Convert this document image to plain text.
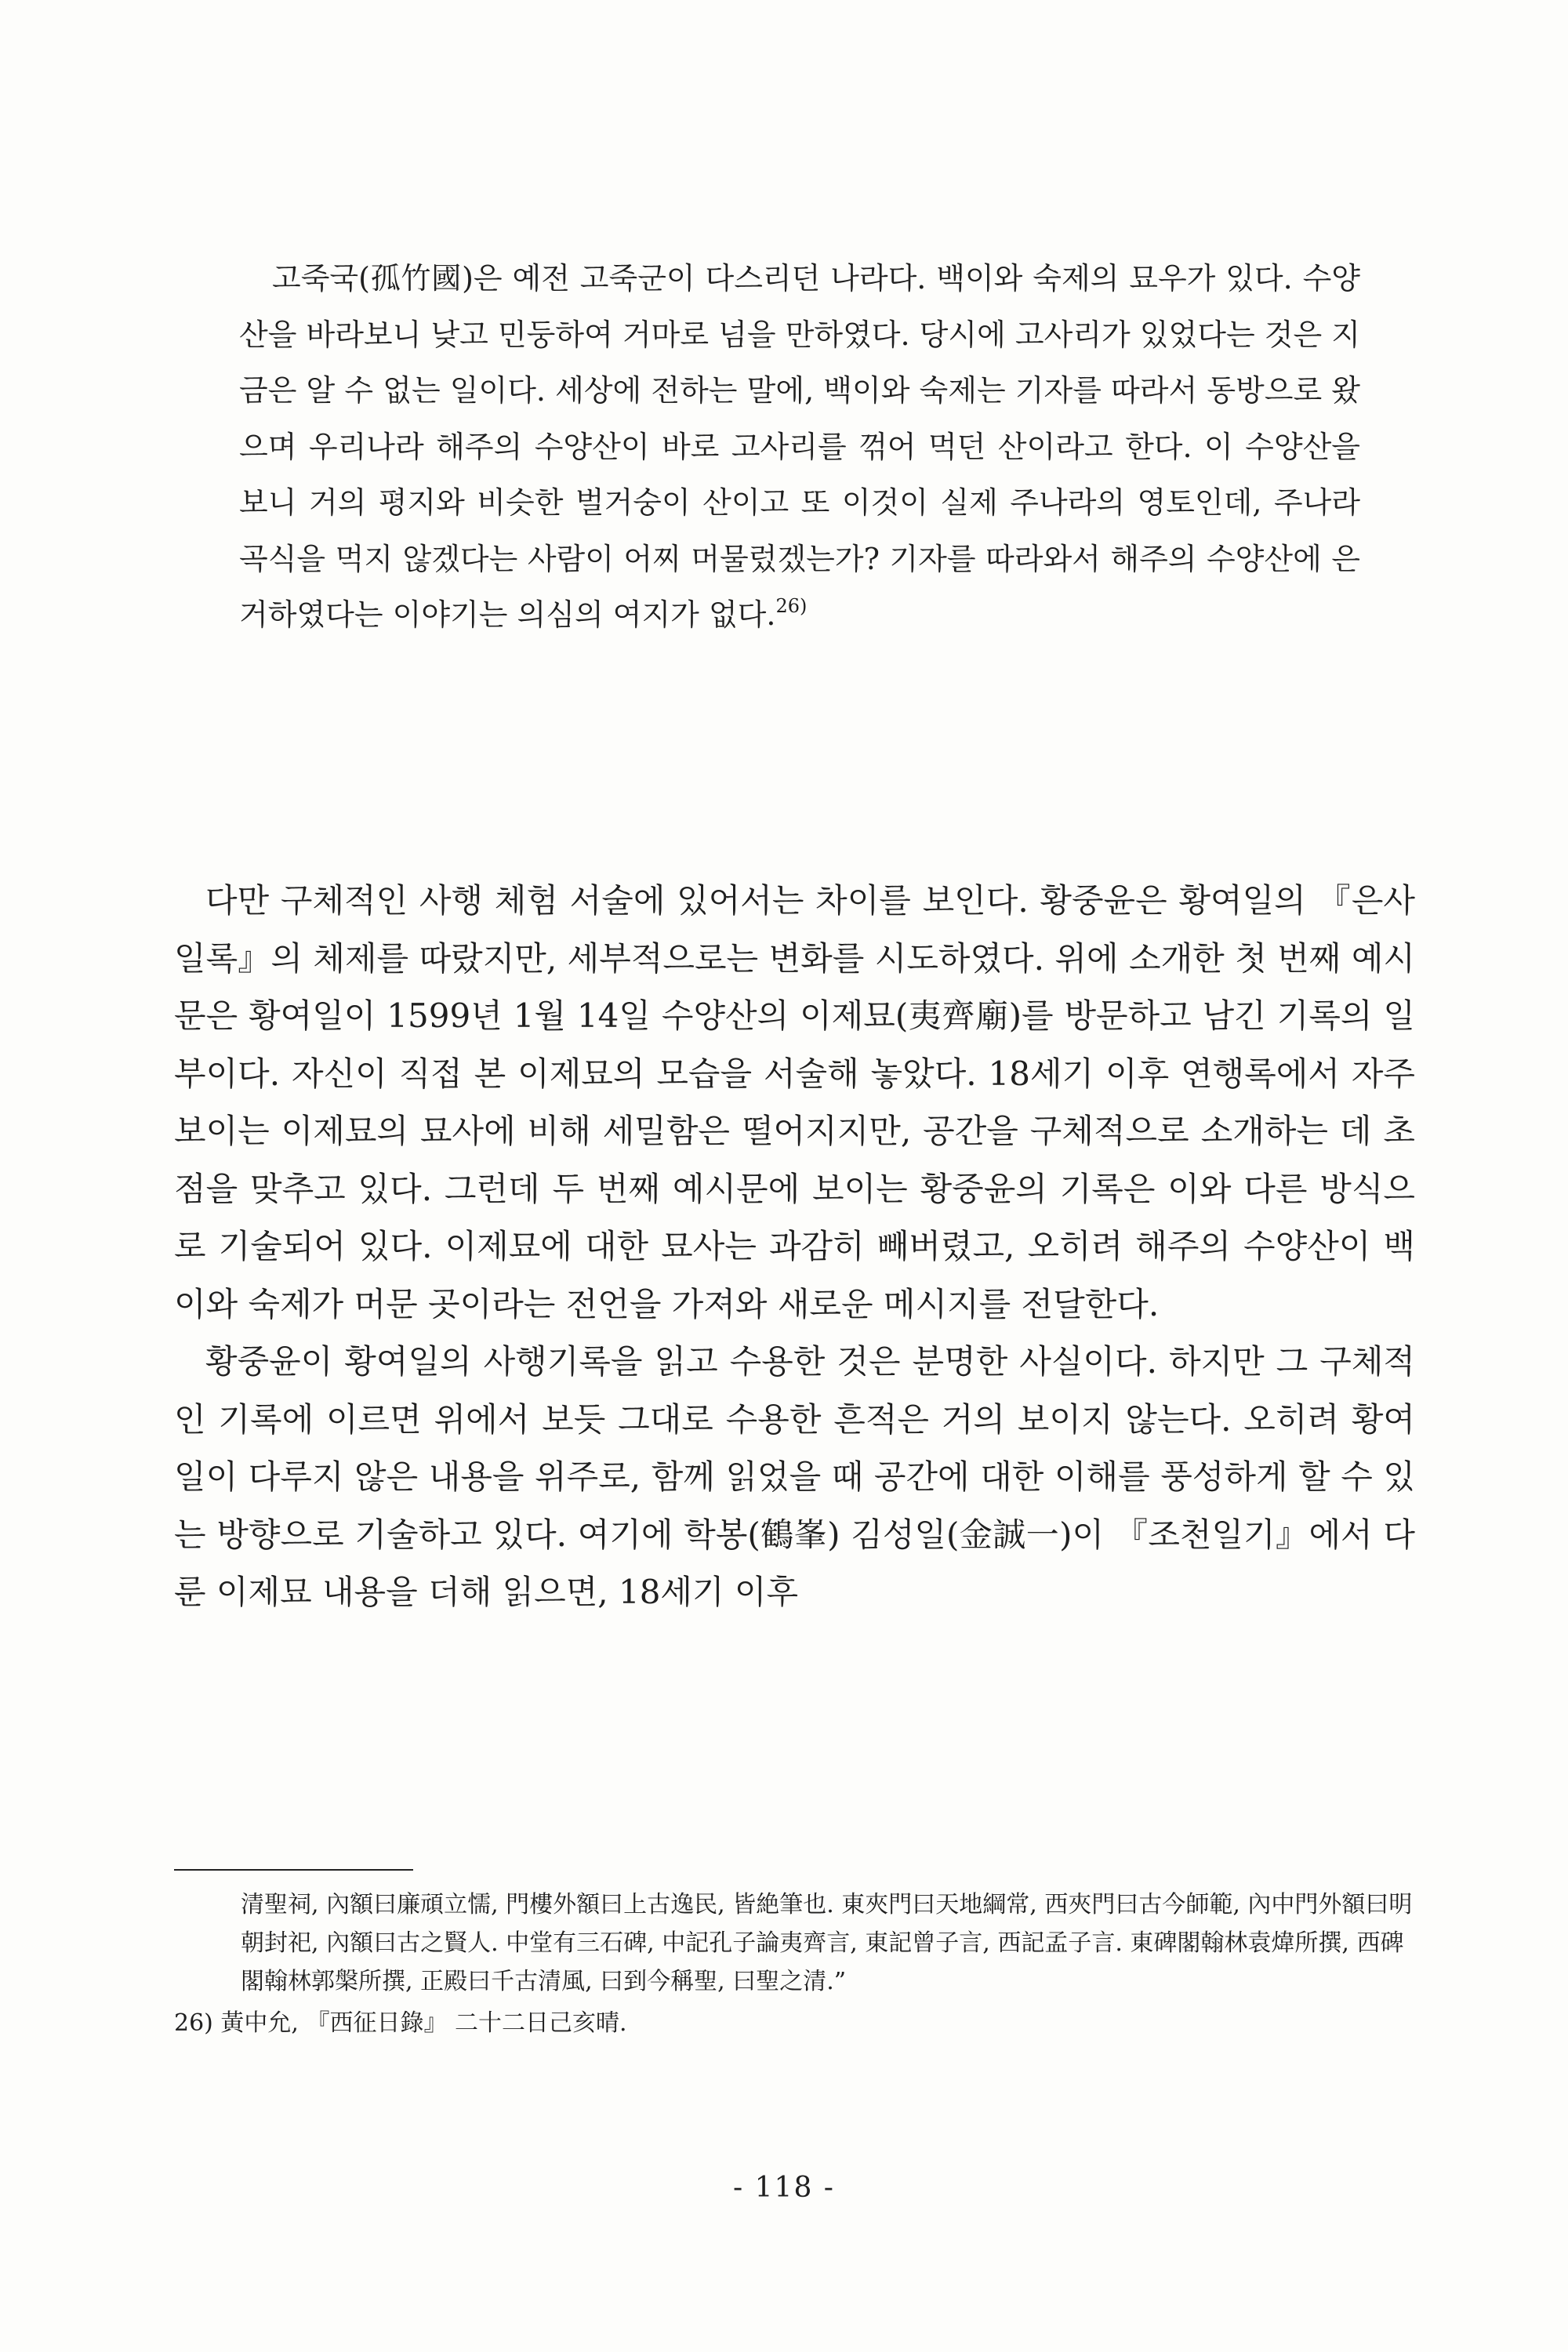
고죽국(孤竹國)은 예전 고죽군이 다스리던 나라다. 백이와 숙제의 묘우가 있다. 수양산을 바라보니 낮고 민둥하여 거마로 넘을 만하였다. 당시에 고사리가 있었다는 것은 지금은 알 수 없는 일이다. 세상에 전하는 말에, 백이와 숙제는 기자를 따라서 동방으로 왔으며 우리나라 해주의 수양산이 바로 고사리를 꺾어 먹던 산이라고 한다. 이 수양산을 보니 거의 평지와 비슷한 벌거숭이 산이고 또 이것이 실제 주나라의 영토인데, 주나라 곡식을 먹지 않겠다는 사람이 어찌 머물렀겠는가? 기자를 따라와서 해주의 수양산에 은거하였다는 이야기는 의심의 여지가 없다.$^{26)}$

다만 구체적인 사행 체험 서술에 있어서는 차이를 보인다. 황중윤은 황여일의 『은사일록』의 체제를 따랐지만, 세부적으로는 변화를 시도하였다. 위에 소개한 첫 번째 예시문은 황여일이 1599년 1월 14일 수양산의 이제묘(夷齊廟)를 방문하고 남긴 기록의 일부이다. 자신이 직접 본 이제묘의 모습을 서술해 놓았다. 18세기 이후 연행록에서 자주 보이는 이제묘의 묘사에 비해 세밀함은 떨어지지만, 공간을 구체적으로 소개하는 데 초점을 맞추고 있다. 그런데 두 번째 예시문에 보이는 황중윤의 기록은 이와 다른 방식으로 기술되어 있다. 이제묘에 대한 묘사는 과감히 빼버렸고, 오히려 해주의 수양산이 백이와 숙제가 머문 곳이라는 전언을 가져와 새로운 메시지를 전달한다.

황중윤이 황여일의 사행기록을 읽고 수용한 것은 분명한 사실이다. 하지만 그 구체적인 기록에 이르면 위에서 보듯 그대로 수용한 흔적은 거의 보이지 않는다. 오히려 황여일이 다루지 않은 내용을 위주로, 함께 읽었을 때 공간에 대한 이해를 풍성하게 할 수 있는 방향으로 기술하고 있다. 여기에 학봉(鶴峯) 김성일(金誠一)이 『조천일기』에서 다룬 이제묘 내용을 더해 읽으면, 18세기 이후

清聖祠, 內額曰廉頑立懦, 門樓外額曰上古逸民, 皆絶筆也. 東夾門曰天地綱常, 西夾門曰古今師範, 內中門外額曰明朝封祀, 內額曰古之賢人. 中堂有三石碑, 中記孔子論夷齊言, 東記曾子言, 西記孟子言. 東碑閣翰林袁煒所撰, 西碑閣翰林郭槃所撰, 正殿曰千古清風, 曰到今稱聖, 曰聖之清.”

26) 黃中允, 『西征日錄』 二十二日己亥晴.

- 118 -
